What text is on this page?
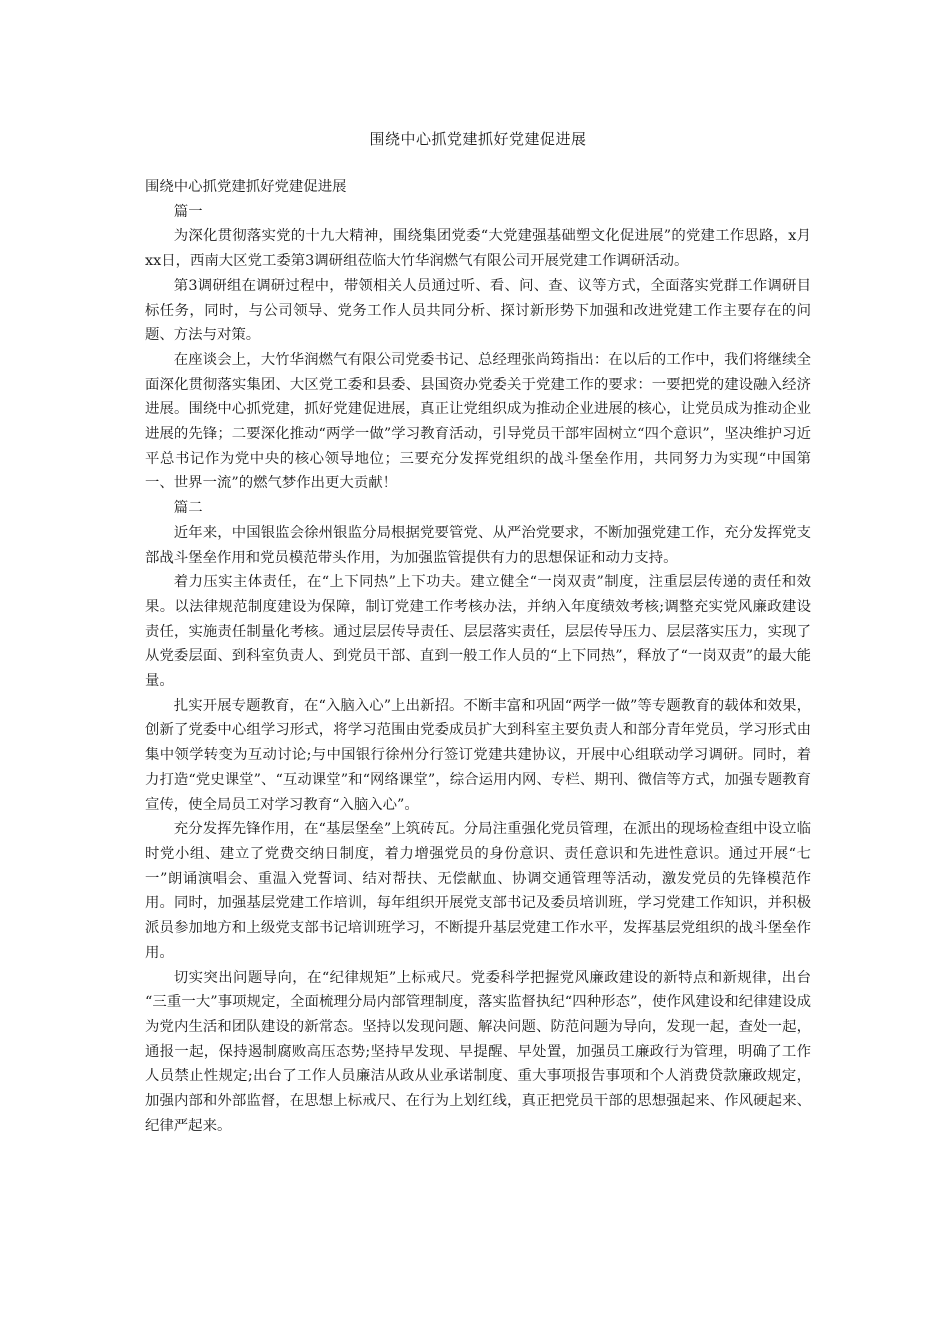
围绕中心抓党建抓好党建促进展

围绕中心抓党建抓好党建促进展

篇一

为深化贯彻落实党的十九大精神，围绕集团党委“大党建强基础塑文化促进展”的党建工作思路，x月xx日，西南大区党工委第3调研组莅临大竹华润燃气有限公司开展党建工作调研活动。

第3调研组在调研过程中，带领相关人员通过听、看、问、查、议等方式，全面落实党群工作调研目标任务，同时，与公司领导、党务工作人员共同分析、探讨新形势下加强和改进党建工作主要存在的问题、方法与对策。

在座谈会上，大竹华润燃气有限公司党委书记、总经理张尚筠指出：在以后的工作中，我们将继续全面深化贯彻落实集团、大区党工委和县委、县国资办党委关于党建工作的要求：一要把党的建设融入经济进展。围绕中心抓党建，抓好党建促进展，真正让党组织成为推动企业进展的核心，让党员成为推动企业进展的先锋；二要深化推动“两学一做”学习教育活动，引导党员干部牢固树立“四个意识”，坚决维护习近平总书记作为党中央的核心领导地位；三要充分发挥党组织的战斗堡垒作用，共同努力为实现“中国第一、世界一流”的燃气梦作出更大贡献！

篇二

近年来，中国银监会徐州银监分局根据党要管党、从严治党要求，不断加强党建工作，充分发挥党支部战斗堡垒作用和党员模范带头作用，为加强监管提供有力的思想保证和动力支持。

着力压实主体责任，在“上下同热”上下功夫。建立健全“一岗双责”制度，注重层层传递的责任和效果。以法律规范制度建设为保障，制订党建工作考核办法，并纳入年度绩效考核;调整充实党风廉政建设责任，实施责任制量化考核。通过层层传导责任、层层落实责任，层层传导压力、层层落实压力，实现了从党委层面、到科室负责人、到党员干部、直到一般工作人员的“上下同热”，释放了“一岗双责”的最大能量。

扎实开展专题教育，在“入脑入心”上出新招。不断丰富和巩固“两学一做”等专题教育的载体和效果，创新了党委中心组学习形式，将学习范围由党委成员扩大到科室主要负责人和部分青年党员，学习形式由集中领学转变为互动讨论;与中国银行徐州分行签订党建共建协议，开展中心组联动学习调研。同时，着力打造“党史课堂”、“互动课堂”和“网络课堂”，综合运用内网、专栏、期刊、微信等方式，加强专题教育宣传，使全局员工对学习教育“入脑入心”。

充分发挥先锋作用，在“基层堡垒”上筑砖瓦。分局注重强化党员管理，在派出的现场检查组中设立临时党小组、建立了党费交纳日制度，着力增强党员的身份意识、责任意识和先进性意识。通过开展“七一”朗诵演唱会、重温入党誓词、结对帮扶、无偿献血、协调交通管理等活动，激发党员的先锋模范作用。同时，加强基层党建工作培训，每年组织开展党支部书记及委员培训班，学习党建工作知识，并积极派员参加地方和上级党支部书记培训班学习，不断提升基层党建工作水平，发挥基层党组织的战斗堡垒作用。

切实突出问题导向，在“纪律规矩”上标戒尺。党委科学把握党风廉政建设的新特点和新规律，出台 “三重一大”事项规定，全面梳理分局内部管理制度，落实监督执纪“四种形态”，使作风建设和纪律建设成为党内生活和团队建设的新常态。坚持以发现问题、解决问题、防范问题为导向，发现一起，查处一起，通报一起，保持遏制腐败高压态势;坚持早发现、早提醒、早处置，加强员工廉政行为管理，明确了工作人员禁止性规定;出台了工作人员廉洁从政从业承诺制度、重大事项报告事项和个人消费贷款廉政规定，加强内部和外部监督，在思想上标戒尺、在行为上划红线，真正把党员干部的思想强起来、作风硬起来、纪律严起来。
